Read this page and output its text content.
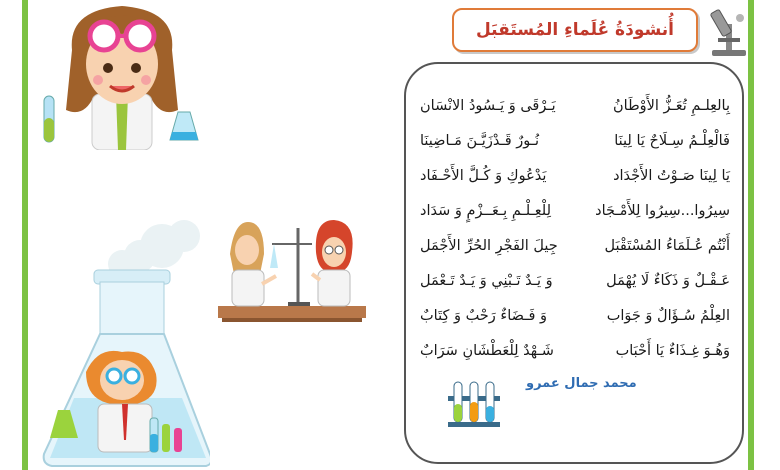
أُنشودَةُ عُلَماءِ المُستَقبَل
بِالعِلـمِ تُعَـزُّ الأَوْطَانُ
يَـرْقَى وَ يَـسُودُ الانْسَان
فَالْعِلْـمُ سِـلَاحٌ يَا لِينَا
نُـورٌ قَـدْزَيَّـنَ مَـاضِينَا
يَا لِينَا صَـوْتُ الأَجْدَاد
يَدْعُوكِ وَ كُـلَّ الأَحْـفَاد
سِيرُوا...سِيرُوا لِلأَمْـجَاد
لِلْعِـلْـمِ بِـعَــزْمٍ وَ سَدَاد
أَنْتُم عُـلَمَاءُ المُسْتَقْبَل
جِيلَ الفَجْرِ الحُرِّ الأَجْمَل
عَـقْـلٌ وَ ذَكَاءٌ لَا يُهْمَل
وَ يَـدٌ تَـبْنِي وَ يَـدٌ تَـعْمَل
العِلْمُ سُـؤَالٌ وَ جَوَاب
وَ فَـضَاءٌ رَحْبٌ وَ كِتَابٌ
وَهُـوَ غِـذَاءٌ يَا أَحْبَاب
شَـهْدٌ لِلْعَطْشَانِ سَرَابٌ
محمد جمال عمرو
